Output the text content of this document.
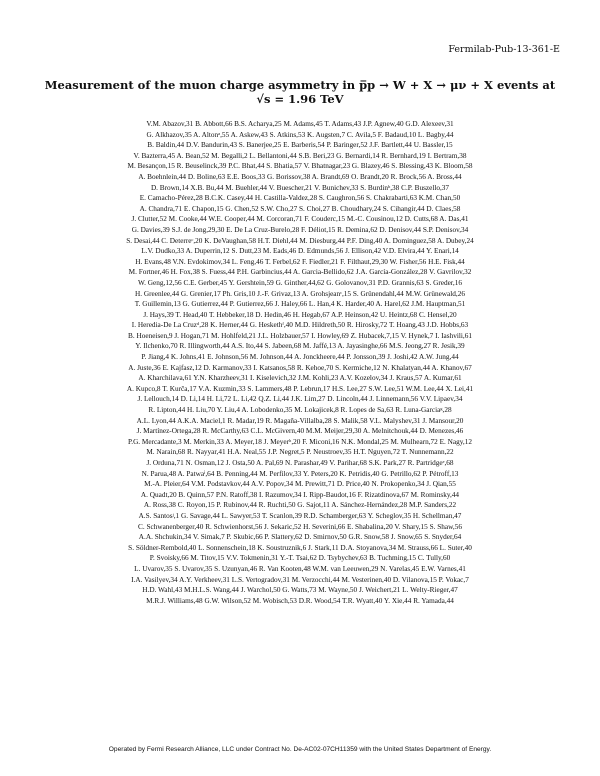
Fermilab-Pub-13-361-E
Measurement of the muon charge asymmetry in p̅p → W + X → μν + X events at
√s = 1.96 TeV
V.M. Abazov,31 B. Abbott,66 B.S. Acharya,25 M. Adams,45 T. Adams,43 J.P. Agnew,40 G.D. Alexeev,31
G. Alkhazov,35 A. Altonᵃ,55 A. Askew,43 S. Atkins,53 K. Augsten,7 C. Avila,5 F. Badaud,10 L. Bagby,44
B. Baldin,44 D.V. Bandurin,43 S. Banerjee,25 E. Barberis,54 P. Baringer,52 J.F. Bartlett,44 U. Bassler,15
V. Bazterra,45 A. Bean,52 M. Begalli,2 L. Bellantoni,44 S.B. Beri,23 G. Bernardi,14 R. Bernhard,19 I. Bertram,38
M. Besançon,15 R. Beuselinck,39 P.C. Bhat,44 S. Bhatia,57 V. Bhatnagar,23 G. Blazey,46 S. Blessing,43 K. Bloom,58
A. Boehnlein,44 D. Boline,63 E.E. Boos,33 G. Borissov,38 A. Brandt,69 O. Brandt,20 R. Brock,56 A. Bross,44
D. Brown,14 X.B. Bu,44 M. Buehler,44 V. Buescher,21 V. Bunichev,33 S. Burdinᵇ,38 C.P. Buszello,37
E. Camacho-Pérez,28 B.C.K. Casey,44 H. Castilla-Valdez,28 S. Caughron,56 S. Chakrabarti,63 K.M. Chan,50
A. Chandra,71 E. Chapon,15 G. Chen,52 S.W. Cho,27 S. Choi,27 B. Choudhary,24 S. Cihangir,44 D. Claes,58
J. Clutter,52 M. Cooke,44 W.E. Cooper,44 M. Corcoran,71 F. Couderc,15 M.-C. Cousinou,12 D. Cutts,68 A. Das,41
G. Davies,39 S.J. de Jong,29,30 E. De La Cruz-Burelo,28 F. Déliot,15 R. Demina,62 D. Denisov,44 S.P. Denisov,34
S. Desai,44 C. Deterreᶜ,20 K. DeVaughan,58 H.T. Diehl,44 M. Diesburg,44 P.F. Ding,40 A. Dominguez,58 A. Dubey,24
L.V. Dudko,33 A. Duperrin,12 S. Dutt,23 M. Eads,46 D. Edmunds,56 J. Ellison,42 V.D. Elvira,44 Y. Enari,14
H. Evans,48 V.N. Evdokimov,34 L. Feng,46 T. Ferbel,62 F. Fiedler,21 F. Filthaut,29,30 W. Fisher,56 H.E. Fisk,44
M. Fortner,46 H. Fox,38 S. Fuess,44 P.H. Garbincius,44 A. Garcia-Bellido,62 J.A. García-González,28 V. Gavrilov,32
W. Geng,12,56 C.E. Gerber,45 Y. Gershtein,59 G. Ginther,44,62 G. Golovanov,31 P.D. Grannis,63 S. Greder,16
H. Greenlee,44 G. Grenier,17 Ph. Gris,10 J.-F. Grivaz,13 A. Grohsjeanᶜ,15 S. Grünendahl,44 M.W. Grünewald,26
T. Guillemin,13 G. Gutierrez,44 P. Gutierrez,66 J. Haley,66 L. Han,4 K. Harder,40 A. Harel,62 J.M. Hauptman,51
J. Hays,39 T. Head,40 T. Hebbeker,18 D. Hedin,46 H. Hegab,67 A.P. Heinson,42 U. Heintz,68 C. Hensel,20
I. Heredia-De La Cruzᵈ,28 K. Herner,44 G. Heskethᶠ,40 M.D. Hildreth,50 R. Hirosky,72 T. Hoang,43 J.D. Hobbs,63
B. Hoeneisen,9 J. Hogan,71 M. Hohlfeld,21 J.L. Holzbauer,57 I. Howley,69 Z. Hubacek,7,15 V. Hynek,7 I. Iashvili,61
Y. Ilchenko,70 R. Illingworth,44 A.S. Ito,44 S. Jabeen,68 M. Jaffé,13 A. Jayasinghe,66 M.S. Jeong,27 R. Jesik,39
P. Jiang,4 K. Johns,41 E. Johnson,56 M. Johnson,44 A. Jonckheere,44 P. Jonsson,39 J. Joshi,42 A.W. Jung,44
A. Juste,36 E. Kajfasz,12 D. Karmanov,33 I. Katsanos,58 R. Kehoe,70 S. Kermiche,12 N. Khalatyan,44 A. Khanov,67
A. Kharchilava,61 Y.N. Kharzheev,31 I. Kiselevich,32 J.M. Kohli,23 A.V. Kozelov,34 J. Kraus,57 A. Kumar,61
A. Kupco,8 T. Kurča,17 V.A. Kuzmin,33 S. Lammers,48 P. Lebrun,17 H.S. Lee,27 S.W. Lee,51 W.M. Lee,44 X. Lei,41
J. Lellouch,14 D. Li,14 H. Li,72 L. Li,42 Q.Z. Li,44 J.K. Lim,27 D. Lincoln,44 J. Linnemann,56 V.V. Lipaev,34
R. Lipton,44 H. Liu,70 Y. Liu,4 A. Lobodenko,35 M. Lokajicek,8 R. Lopes de Sa,63 R. Luna-Garciaᵍ,28
A.L. Lyon,44 A.K.A. Maciel,1 R. Madar,19 R. Magaña-Villalba,28 S. Malik,58 V.L. Malyshev,31 J. Mansour,20
J. Martínez-Ortega,28 R. McCarthy,63 C.L. McGivern,40 M.M. Meijer,29,30 A. Melnitchouk,44 D. Menezes,46
P.G. Mercadante,3 M. Merkin,33 A. Meyer,18 J. Meyerʰ,20 F. Miconi,16 N.K. Mondal,25 M. Mulhearn,72 E. Nagy,12
M. Narain,68 R. Nayyar,41 H.A. Neal,55 J.P. Negret,5 P. Neustroev,35 H.T. Nguyen,72 T. Nunnemann,22
J. Orduna,71 N. Osman,12 J. Osta,50 A. Pal,69 N. Parashar,49 V. Parihar,68 S.K. Park,27 R. Partridgeᵉ,68
N. Parua,48 A. Patwaⁱ,64 B. Penning,44 M. Perfilov,33 Y. Peters,20 K. Petridis,40 G. Petrillo,62 P. Pétroff,13
M.-A. Pleier,64 V.M. Podstavkov,44 A.V. Popov,34 M. Prewitt,71 D. Price,40 N. Prokopenko,34 J. Qian,55
A. Quadt,20 B. Quinn,57 P.N. Ratoff,38 I. Razumov,34 I. Ripp-Baudot,16 F. Rizatdinova,67 M. Rominsky,44
A. Ross,38 C. Royon,15 P. Rubinov,44 R. Ruchti,50 G. Sajot,11 A. Sánchez-Hernández,28 M.P. Sanders,22
A.S. Santosʲ,1 G. Savage,44 L. Sawyer,53 T. Scanlon,39 R.D. Schamberger,63 Y. Scheglov,35 H. Schellman,47
C. Schwanenberger,40 R. Schwienhorst,56 J. Sekaric,52 H. Severini,66 E. Shabalina,20 V. Shary,15 S. Shaw,56
A.A. Shchukin,34 V. Simak,7 P. Skubic,66 P. Slattery,62 D. Smirnov,50 G.R. Snow,58 J. Snow,65 S. Snyder,64
S. Söldner-Rembold,40 L. Sonnenschein,18 K. Soustruznik,6 J. Stark,11 D.A. Stoyanova,34 M. Strauss,66 L. Suter,40
P. Svoisky,66 M. Titov,15 V.V. Tokmenin,31 Y.-T. Tsai,62 D. Tsybychev,63 B. Tuchming,15 C. Tully,60
L. Uvarov,35 S. Uvarov,35 S. Uzunyan,46 R. Van Kooten,48 W.M. van Leeuwen,29 N. Varelas,45 E.W. Varnes,41
I.A. Vasilyev,34 A.Y. Verkheev,31 L.S. Vertogradov,31 M. Verzocchi,44 M. Vesterinen,40 D. Vilanova,15 P. Vokac,7
H.D. Wahl,43 M.H.L.S. Wang,44 J. Warchol,50 G. Watts,73 M. Wayne,50 J. Weichert,21 L. Welty-Rieger,47
M.R.J. Williams,48 G.W. Wilson,52 M. Wobisch,53 D.R. Wood,54 T.R. Wyatt,40 Y. Xie,44 R. Yamada,44
Operated by Fermi Research Alliance, LLC under Contract No. De-AC02-07CH11359 with the United States Department of Energy.
